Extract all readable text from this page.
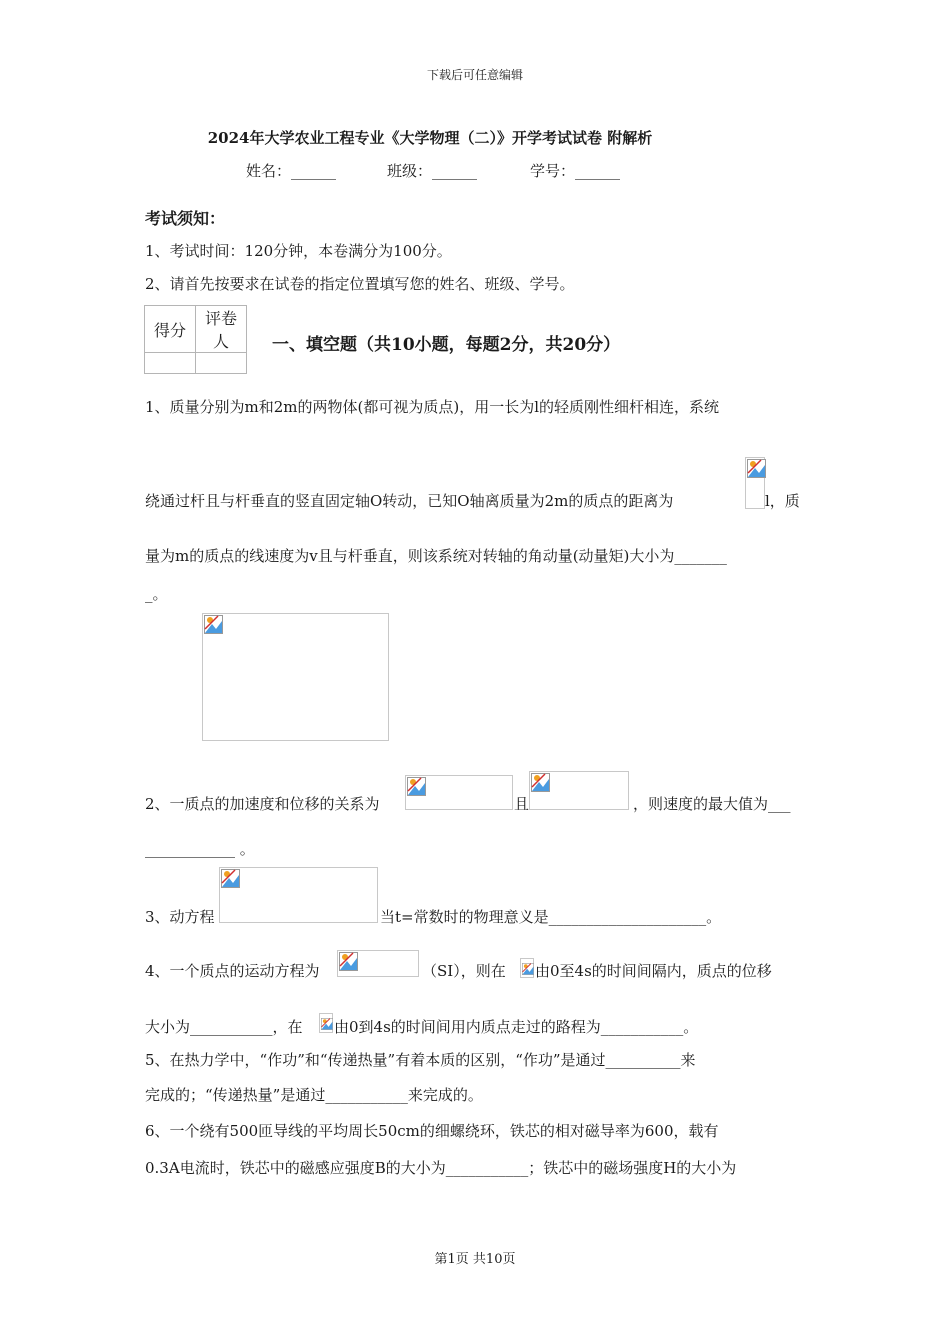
下载后可任意编辑
2024年大学农业工程专业《大学物理（二）》开学考试试卷 附解析
姓名：______	班级：______	学号：______
考试须知：
1、考试时间：120分钟，本卷满分为100分。
2、请首先按要求在试卷的指定位置填写您的姓名、班级、学号。
得分	评卷人
		一、填空题（共10小题，每题2分，共20分）
1、质量分别为m和2m的两物体(都可视为质点)，用一长为l的轻质刚性细杆相连，系统
绕通过杆且与杆垂直的竖直固定轴O转动，已知O轴离质量为2m的质点的距离为	l，质
量为m的质点的线速度为v且与杆垂直，则该系统对转轴的角动量(动量矩)大小为_______
_。
2、一质点的加速度和位移的关系为	且	，则速度的最大值为___
____________ 。
3、动方程	当t=常数时的物理意义是_____________________。
4、一个质点的运动方程为	（SI），则在 由0至4s的时间间隔内，质点的位移
大小为___________，在 由0到4s的时间间用内质点走过的路程为___________。
5、在热力学中，“作功”和“传递热量”有着本质的区别，“作功”是通过__________来
完成的；“传递热量”是通过___________来完成的。
6、一个绕有500匝导线的平均周长50cm的细螺绕环，铁芯的相对磁导率为600，载有
0.3A电流时，铁芯中的磁感应强度B的大小为___________；铁芯中的磁场强度H的大小为
第1页 共10页
